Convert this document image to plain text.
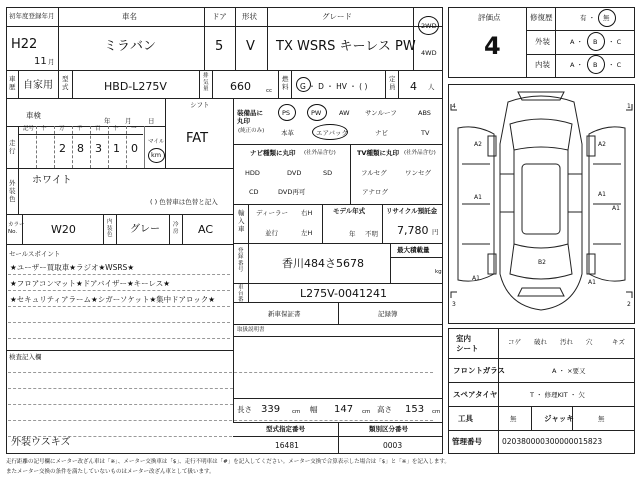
初年度登録年月	車名	ドア 形状	グレード
H22
11 月
ミラバン	5 V TX WSRS キーレス PW
2WD
4WD
車
歴 自家用
型
式	HBD-L275V
排
気
量 660	cc
燃
料 G ・ D ・ HV ・ ( )
定
員 4 人
車検
年 月	日
シフト
FAT
走
行
記号 十 万 千 百 十 一
2 8 3 1 0 マイル
km
外
装
色
ホワイト
( ) 色替車は色替と記入
カラー
No.	W20
内
装
色
グレー 冷
房 AC
セールスポイント
★ユーザー買取車★ラジオ★WSRS★
★フロアコンマット★ドアバイザー★キーレス★
★セキュリティアラーム★シガーソケット★集中ドアロック★
検査記入欄
外装ウスキズ
装備品に
丸印
(純正のみ)
PS	PW	AW サンルーフ	ABS
本革	エアバック	ナビ	TV
ナビ種類に丸印 (社外品含む)
HDD	DVD	SD
CD	DVD再可
TV種類に丸印 (社外品含む)
フルセグ	ワンセグ
アナログ
輸
入
車
ディーラー
並行
右H
左H
モデル年式
年 不明
リサイクル預託金
7,780 円
登
録
番
号	香川484さ5678
最大積載量
kg
車
台
番
L275V-0041241
新車保証書	記録簿
取扱説明書
長さ 339 cm 幅 147 cm 高さ 153 cm
型式指定番号	類別区分番号
16481	0003
評価点
4
修復歴	有 ・ 無
外装	A ・ B ・ C
内装	A ・ B ・ C
4	1
3	2
A2	A2
A1	A1
A1
A1
A1
B2
室内
シート
コゲ 破れ 汚れ 穴	キズ
フロントガラス	A ・ ×要又
スペアタイヤ	T ・ 修理KIT ・ 欠
工具	無	ジャッキ	無
管理番号	020380000300000015823
走行距離の記号欄にメーター改ざん車は「※」、メーター交換車は「$」、走行不明車は「#」を記入してください。メーター交換で合算表示した場合は「$」と「※」を記入します。
またメーター交換の条件を満たしていないものはメーター改ざん車として扱います。
